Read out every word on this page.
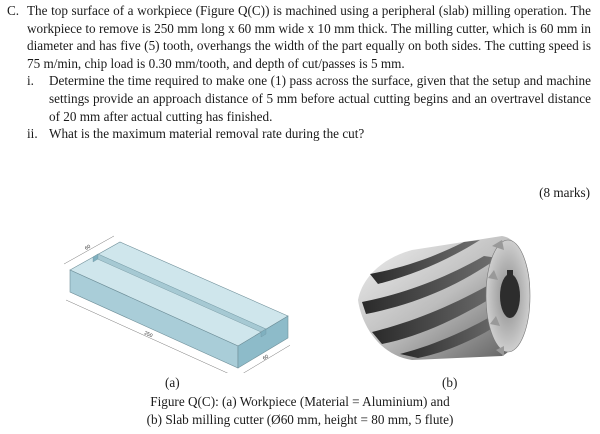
C. The top surface of a workpiece (Figure Q(C)) is machined using a peripheral (slab) milling operation. The workpiece to remove is 250 mm long x 60 mm wide x 10 mm thick. The milling cutter, which is 60 mm in diameter and has five (5) tooth, overhangs the width of the part equally on both sides. The cutting speed is 75 m/min, chip load is 0.30 mm/tooth, and depth of cut/passes is 5 mm.
i.	Determine the time required to make one (1) pass across the surface, given that the setup and machine settings provide an approach distance of 5 mm before actual cutting begins and an overtravel distance of 20 mm after actual cutting has finished.
ii. What is the maximum material removal rate during the cut?
(8 marks)
250
60
60
(a)	(b)
Figure Q(C): (a) Workpiece (Material = Aluminium) and
(b) Slab milling cutter (Ø60 mm, height = 80 mm, 5 flute)
